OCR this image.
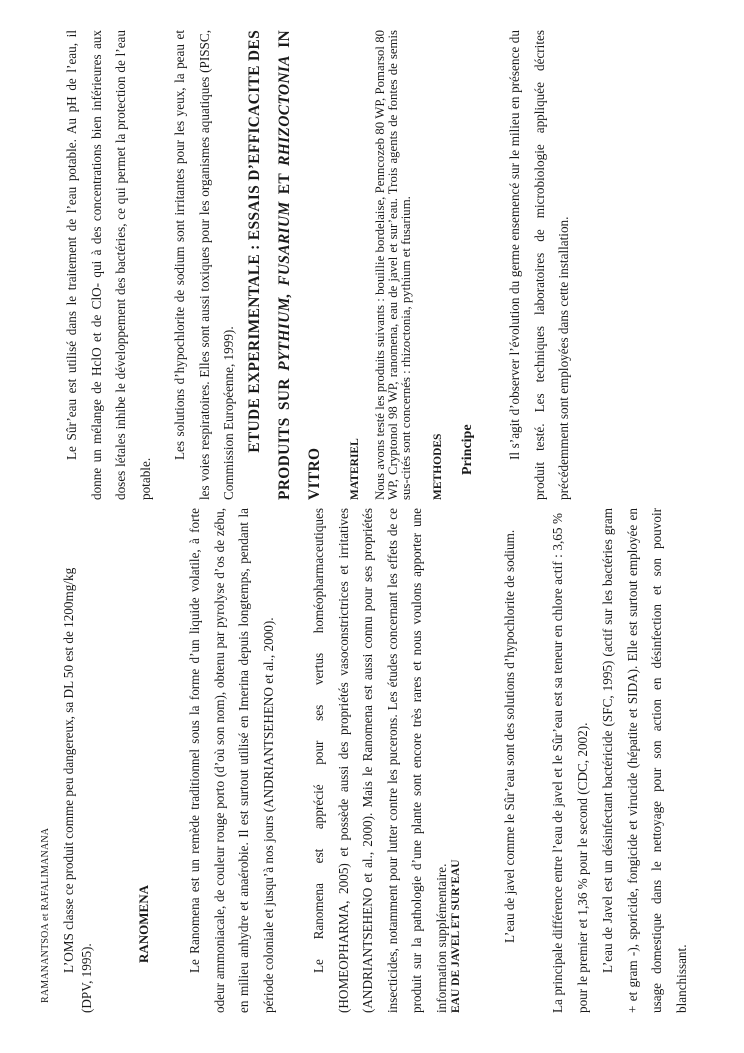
RAMANANTSOA et RAFALIMANANA L’OMS classe ce produit comme peu dangereux, sa DL 50 est de 1200mg/kg
(DPV, 1995).

RANOMENA	Le Ranomena est un remède traditionnel sous la forme d’un liquide volatile, à forte odeur ammoniacale, de couleur rouge porto (d’où son nom), obtenu par pyrolyse d’os de zébu, en milieu anhydre et anaérobie. Il est surtout utilisé en Imerina depuis longtemps, pendant la période coloniale et jusqu’à nos jours (ANDRIANTSEHENO et al., 2000).	Le Ranomena est apprécié pour ses vertus homéopharmaceutiques (HOMEOPHARMA, 2005) et possède aussi des propriétés vasoconstrictrices et irritatives (ANDRIANTSEHENO et al., 2000). Mais le Ranomena est aussi connu pour ses propriétés insecticides, notamment pour lutter contre les pucerons. Les études concernant les effets de ce produit sur la pathologie d’une plante sont encore très rares et nous voulons apporter une information supplémentaire. EAU DE JAVEL ET SUR’EAU	L’eau de javel comme le Sûr’eau sont des solutions d’hypochlorite de sodium.	La principale différence entre l’eau de javel et le Sûr’eau est sa teneur en chlore actif : 3,65 % pour le premier et 1,36 % pour le second (CDC, 2002). L’eau de Javel est un désinfectant bactéricide (SFC, 1995) (actif sur les bactéries gram + et gram -), sporicide, fongicide et virucide (hépatite et SIDA). Elle est surtout employée en usage domestique dans le nettoyage pour son action en désinfection et son pouvoir blanchissant.

Le Sûr’eau est utilisé dans le traitement de l’eau potable. Au pH de l’eau, il donne un mélange de HclO et de ClO- qui à des concentrations bien inférieures aux doses létales inhibe le développement des bactéries, ce qui permet la protection de l’eau potable.

Les solutions d’hypochlorite de sodium sont irritantes pour les yeux, la peau et les voies respiratoires. Elles sont aussi toxiques pour les organismes aquatiques (PISSC, Commission Européenne, 1999). ETUDE EXPERIMENTALE : ESSAIS D’EFFICACITE DES PRODUITS SUR PYTHIUM, FUSARIUM ET RHIZOCTONIA IN
VITRO	MATERIEL Nous avons testé les produits suivants : bouillie bordelaise, Penncozeb 80 WP, Pomarsol 80 WP, Cryptonol 98 WP, ranomena, eau de javel et sur’eau. Trois agents de fontes de semis sus-cités sont concernés : rhizoctonia, pythium et fusarium. METHODES Principe	Il s’agit d’observer l’évolution du germe ensemencé sur le milieu en présence du produit testé. Les techniques laboratoires de microbiologie appliquée décrites précédemment sont employées dans cette installation.
